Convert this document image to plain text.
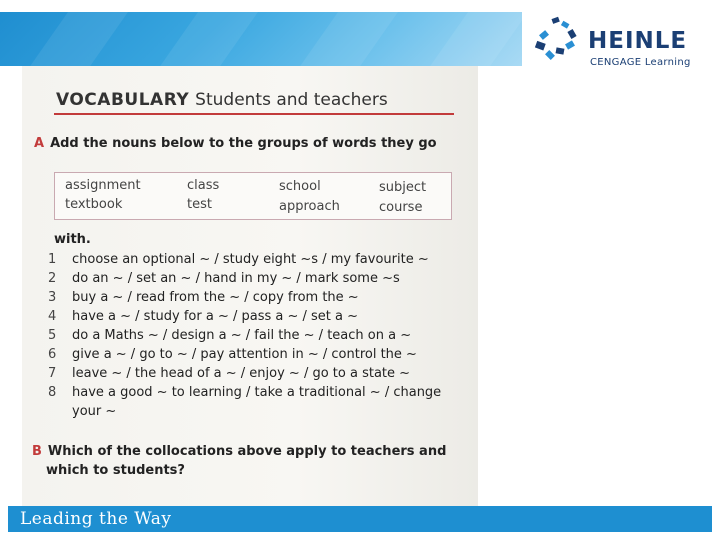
HEINLE
CENGAGE Learning
VOCABULARY Students and teachers
A Add the nouns below to the groups of words they go
assignment
textbook
class
test
school
approach
subject
course
with.
1 choose an optional ~ / study eight ~s / my favourite ~
2 do an ~ / set an ~ / hand in my ~ / mark some ~s
3 buy a ~ / read from the ~ / copy from the ~
4 have a ~ / study for a ~ / pass a ~ / set a ~
5 do a Maths ~ / design a ~ / fail the ~ / teach on a ~
6 give a ~ / go to ~ / pay attention in ~ / control the ~
7 leave ~ / the head of a ~ / enjoy ~ / go to a state ~
8 have a good ~ to learning / take a traditional ~ / change
your ~
B Which of the collocations above apply to teachers and
which to students?
Leading the Way
